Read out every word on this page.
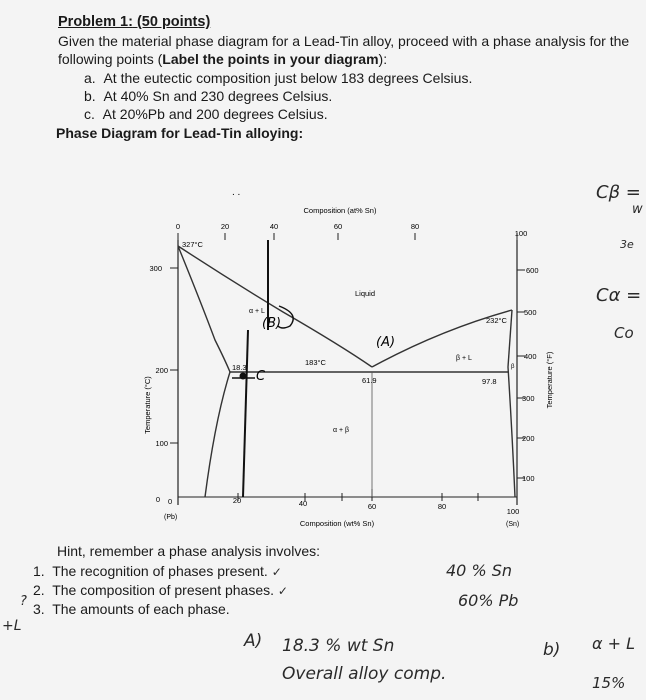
Problem 1: (50 points)
Given the material phase diagram for a Lead-Tin alloy, proceed with a phase analysis for the
following points (Label the points in your diagram):
a. At the eutectic composition just below 183 degrees Celsius.
b. At 40% Sn and 230 degrees Celsius.
c. At 20%Pb and 200 degrees Celsius.
Phase Diagram for Lead-Tin alloying:
Composition (at% Sn)
0	20	40	60	80
100
300
200
100
0
Temperature (°C)
600
500
400
300
200
100
Temperature (°F)
0	20	40	60	80
100
(Pb)
(Sn)
Composition (wt% Sn)
C
(B)
(A)
327°C
232°C
183°C
18.3
61.9	97.8
Liquid
α + L
β + L
α + β
β
. .
Hint, remember a phase analysis involves:
1. The recognition of phases present. ✓
2. The composition of present phases. ✓
3. The amounts of each phase.
?
+L
40 % Sn
60% Pb
A) 18.3 % wt Sn
Overall alloy comp.
b) α + L
15%
Cβ =
w
3e
Cα =
Co
